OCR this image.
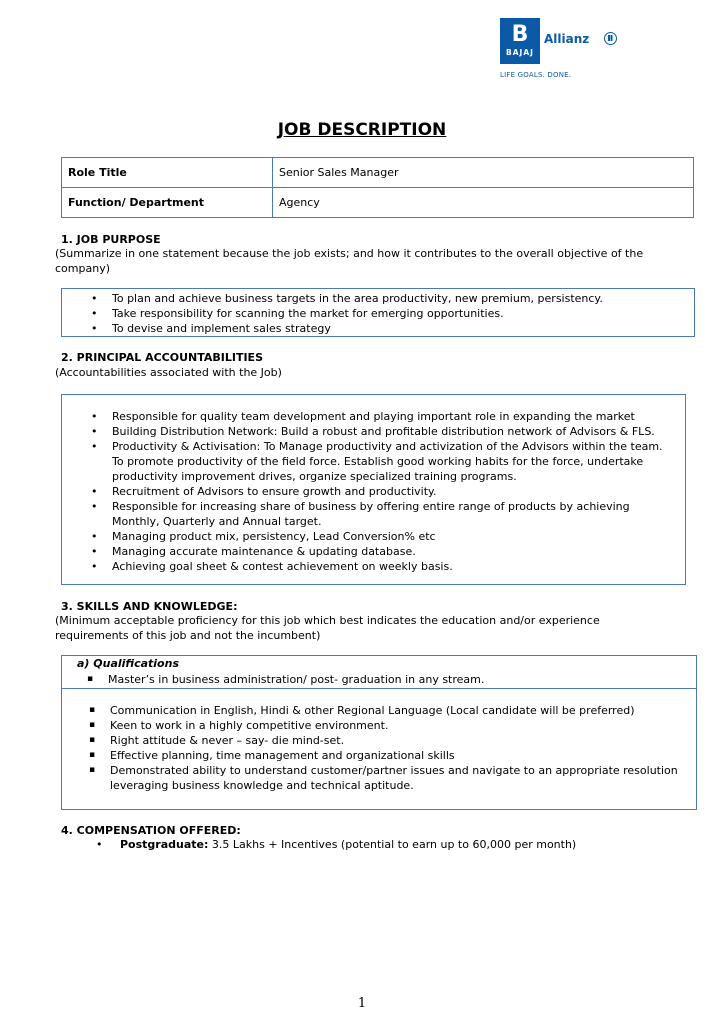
B
BAJAJ
Allianz
LIFE GOALS. DONE.
JOB DESCRIPTION
Role Title	Senior Sales Manager
Function/ Department	Agency
1. JOB PURPOSE
(Summarize in one statement because the job exists; and how it contributes to the overall objective of the company)
• To plan and achieve business targets in the area productivity, new premium, persistency.
• Take responsibility for scanning the market for emerging opportunities.
• To devise and implement sales strategy
2. PRINCIPAL ACCOUNTABILITIES
(Accountabilities associated with the Job)
• Responsible for quality team development and playing important role in expanding the market
• Building Distribution Network: Build a robust and profitable distribution network of Advisors & FLS.
• Productivity & Activisation: To Manage productivity and activization of the Advisors within the team. To promote productivity of the field force. Establish good working habits for the force, undertake productivity improvement drives, organize specialized training programs.
• Recruitment of Advisors to ensure growth and productivity.
• Responsible for increasing share of business by offering entire range of products by achieving Monthly, Quarterly and Annual target.
• Managing product mix, persistency, Lead Conversion% etc
• Managing accurate maintenance & updating database.
• Achieving goal sheet & contest achievement on weekly basis.
3. SKILLS AND KNOWLEDGE:
(Minimum acceptable proficiency for this job which best indicates the education and/or experience requirements of this job and not the incumbent)
a) Qualifications
▪ Master’s in business administration/ post- graduation in any stream.
▪ Communication in English, Hindi & other Regional Language (Local candidate will be preferred)
▪ Keen to work in a highly competitive environment.
▪ Right attitude & never – say- die mind-set.
▪ Effective planning, time management and organizational skills
▪ Demonstrated ability to understand customer/partner issues and navigate to an appropriate resolution leveraging business knowledge and technical aptitude.
4. COMPENSATION OFFERED:
• Postgraduate: 3.5 Lakhs + Incentives (potential to earn up to 60,000 per month)
1
